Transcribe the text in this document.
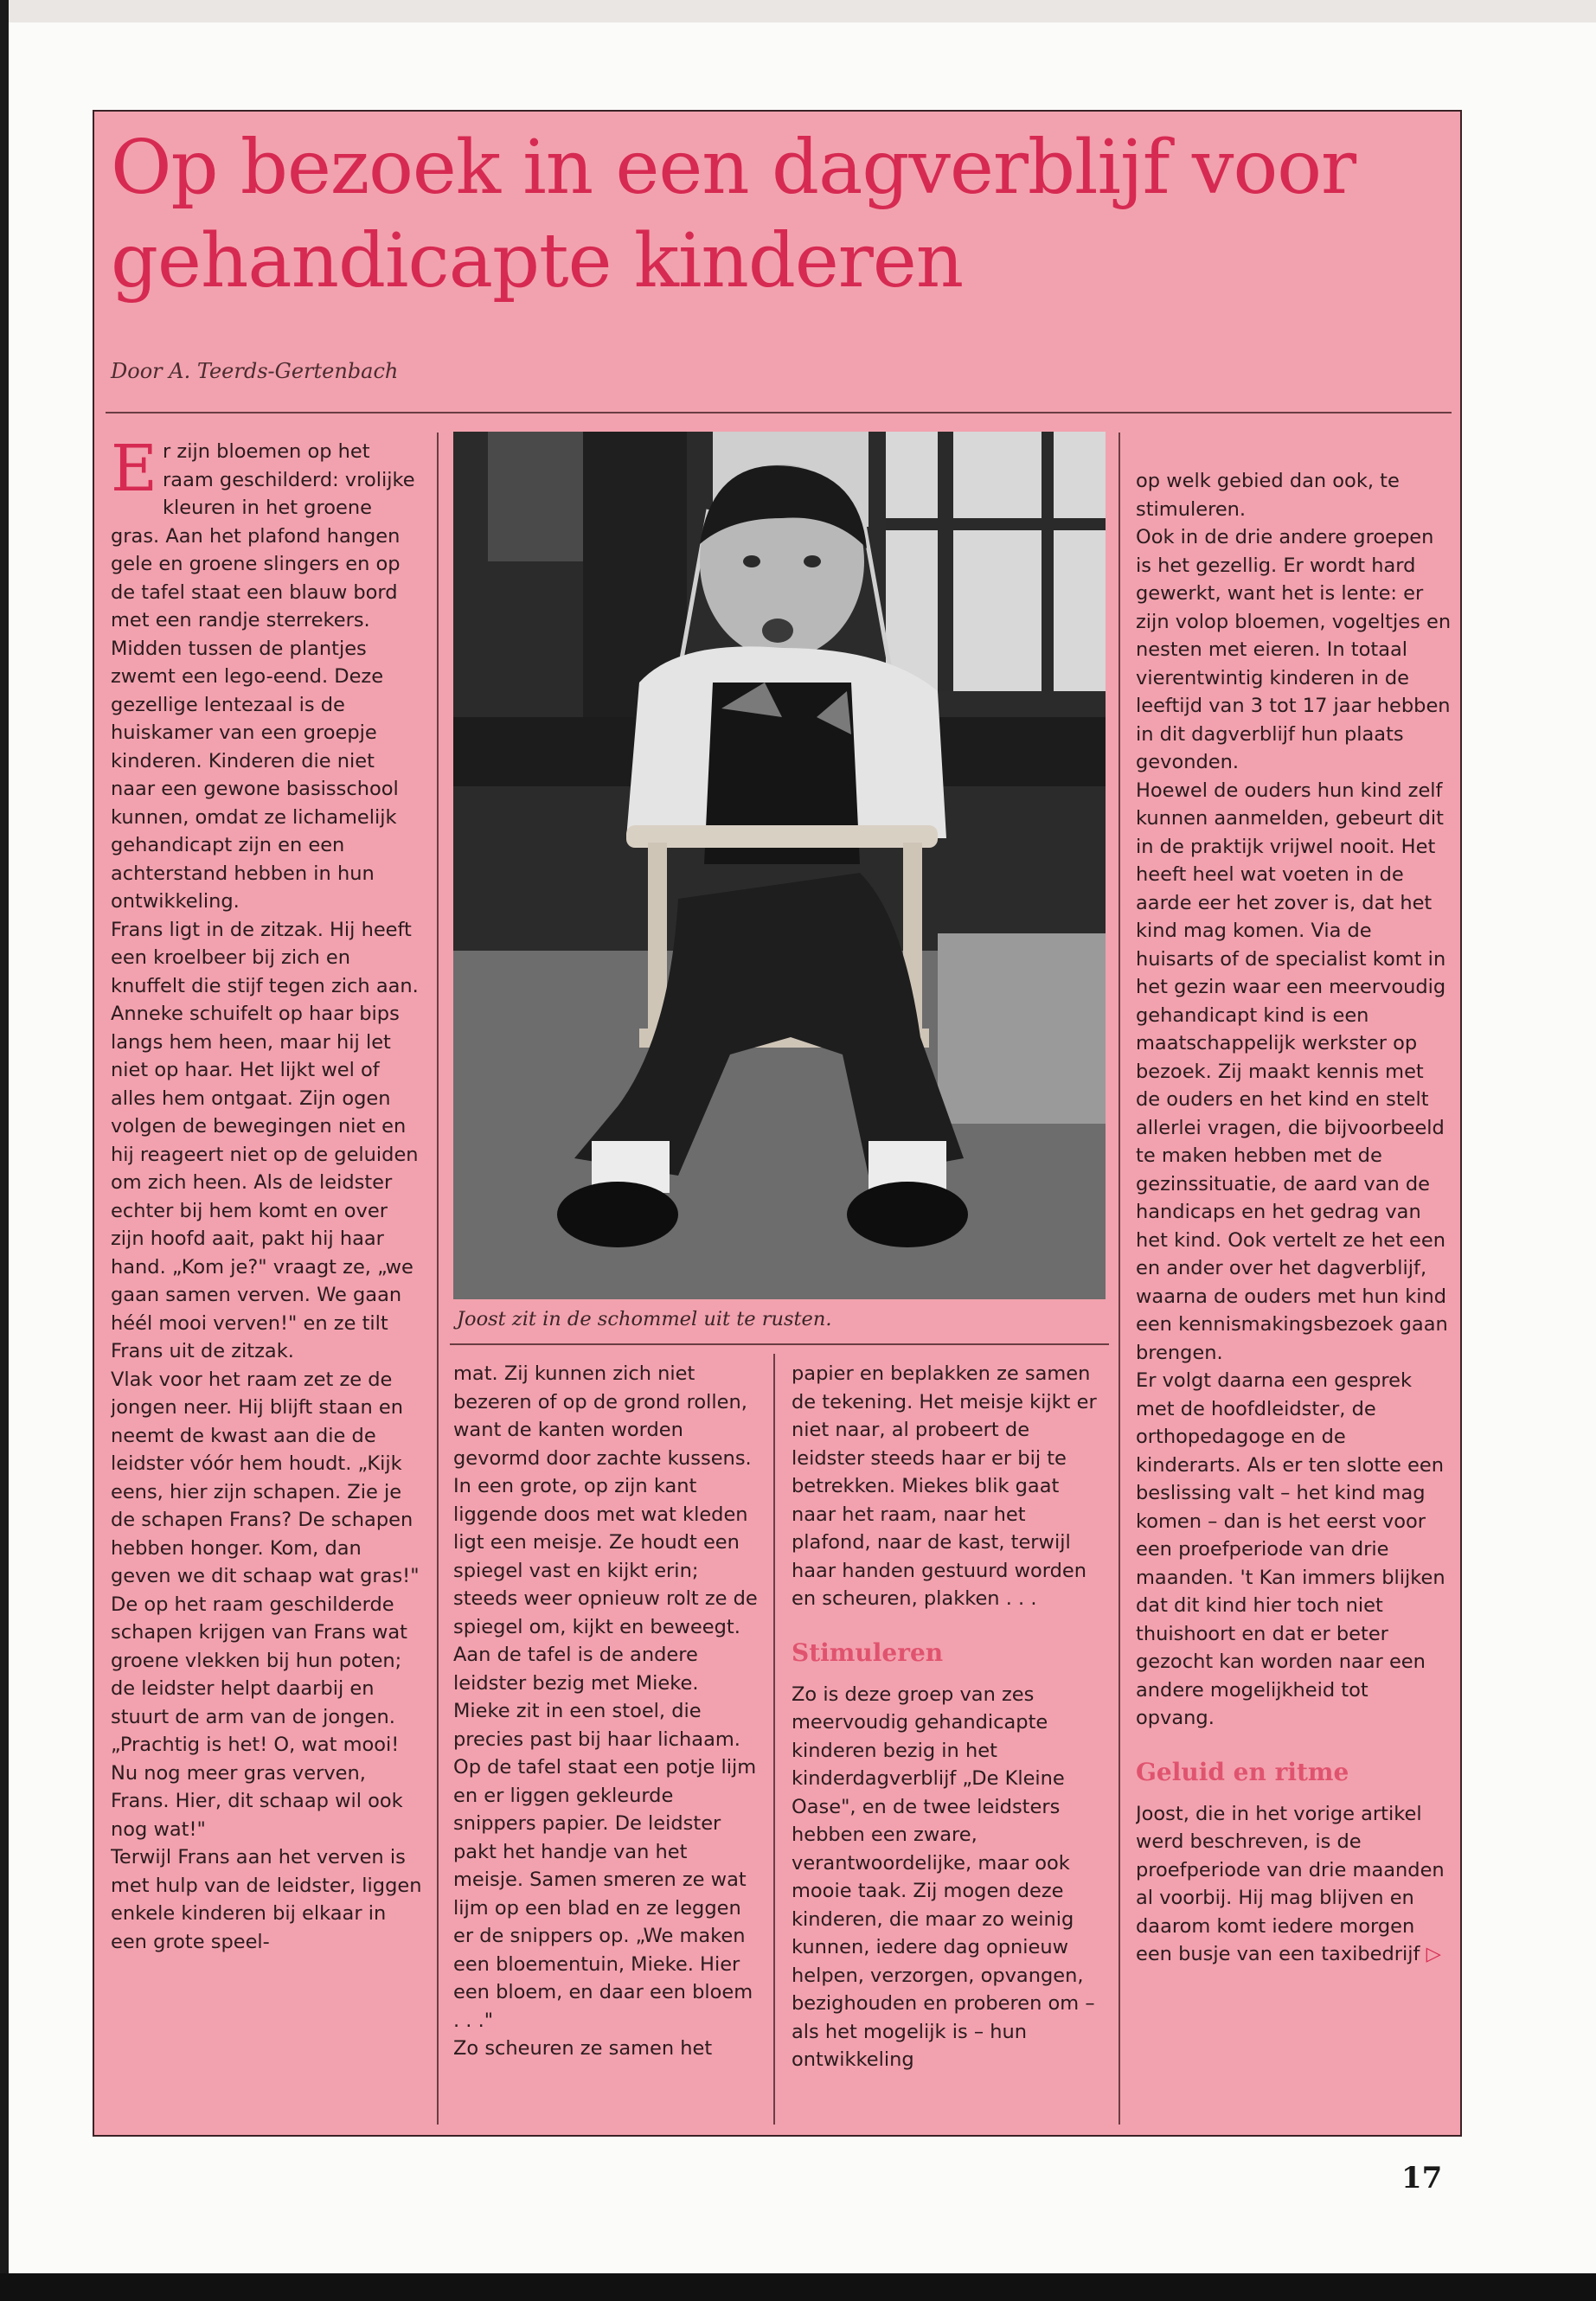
Op bezoek in een dagverblijf voor gehandicapte kinderen
Door A. Teerds-Gertenbach

Er zijn bloemen op het raam geschilderd: vrolijke kleuren in het groene gras. Aan het plafond hangen gele en groene slingers en op de tafel staat een blauw bord met een randje sterrekers. Midden tussen de plantjes zwemt een lego-eend. Deze gezellige lentezaal is de huiskamer van een groepje kinderen. Kinderen die niet naar een gewone basisschool kunnen, omdat ze lichamelijk gehandicapt zijn en een achterstand hebben in hun ontwikkeling.

Frans ligt in de zitzak. Hij heeft een kroelbeer bij zich en knuffelt die stijf tegen zich aan. Anneke schuifelt op haar bips langs hem heen, maar hij let niet op haar. Het lijkt wel of alles hem ontgaat. Zijn ogen volgen de bewegingen niet en hij reageert niet op de geluiden om zich heen. Als de leidster echter bij hem komt en over zijn hoofd aait, pakt hij haar hand. „Kom je?" vraagt ze, „we gaan samen verven. We gaan héél mooi verven!" en ze tilt Frans uit de zitzak.

Vlak voor het raam zet ze de jongen neer. Hij blijft staan en neemt de kwast aan die de leidster vóór hem houdt. „Kijk eens, hier zijn schapen. Zie je de schapen Frans? De schapen hebben honger. Kom, dan geven we dit schaap wat gras!" De op het raam geschilderde schapen krijgen van Frans wat groene vlekken bij hun poten; de leidster helpt daarbij en stuurt de arm van de jongen. „Prachtig is het! O, wat mooi! Nu nog meer gras verven, Frans. Hier, dit schaap wil ook nog wat!"

Terwijl Frans aan het verven is met hulp van de leidster, liggen enkele kinderen bij elkaar in een grote speel-

Joost zit in de schommel uit te rusten.

mat. Zij kunnen zich niet bezeren of op de grond rollen, want de kanten worden gevormd door zachte kussens. In een grote, op zijn kant liggende doos met wat kleden ligt een meisje. Ze houdt een spiegel vast en kijkt erin; steeds weer opnieuw rolt ze de spiegel om, kijkt en beweegt.

Aan de tafel is de andere leidster bezig met Mieke. Mieke zit in een stoel, die precies past bij haar lichaam. Op de tafel staat een potje lijm en er liggen gekleurde snippers papier. De leidster pakt het handje van het meisje. Samen smeren ze wat lijm op een blad en ze leggen er de snippers op. „We maken een bloementuin, Mieke. Hier een bloem, en daar een bloem . . ."

Zo scheuren ze samen het

papier en beplakken ze samen de tekening. Het meisje kijkt er niet naar, al probeert de leidster steeds haar er bij te betrekken. Miekes blik gaat naar het raam, naar het plafond, naar de kast, terwijl haar handen gestuurd worden en scheuren, plakken . . .

Stimuleren

Zo is deze groep van zes meervoudig gehandicapte kinderen bezig in het kinderdagverblijf „De Kleine Oase", en de twee leidsters hebben een zware, verantwoordelijke, maar ook mooie taak. Zij mogen deze kinderen, die maar zo weinig kunnen, iedere dag opnieuw helpen, verzorgen, opvangen, bezighouden en proberen om – als het mogelijk is – hun ontwikkeling

op welk gebied dan ook, te stimuleren.

Ook in de drie andere groepen is het gezellig. Er wordt hard gewerkt, want het is lente: er zijn volop bloemen, vogeltjes en nesten met eieren. In totaal vierentwintig kinderen in de leeftijd van 3 tot 17 jaar hebben in dit dagverblijf hun plaats gevonden.

Hoewel de ouders hun kind zelf kunnen aanmelden, gebeurt dit in de praktijk vrijwel nooit. Het heeft heel wat voeten in de aarde eer het zover is, dat het kind mag komen. Via de huisarts of de specialist komt in het gezin waar een meervoudig gehandicapt kind is een maatschappelijk werkster op bezoek. Zij maakt kennis met de ouders en het kind en stelt allerlei vragen, die bijvoorbeeld te maken hebben met de gezinssituatie, de aard van de handicaps en het gedrag van het kind. Ook vertelt ze het een en ander over het dagverblijf, waarna de ouders met hun kind een kennismakingsbezoek gaan brengen.

Er volgt daarna een gesprek met de hoofdleidster, de orthopedagoge en de kinderarts. Als er ten slotte een beslissing valt – het kind mag komen – dan is het eerst voor een proefperiode van drie maanden. 't Kan immers blijken dat dit kind hier toch niet thuishoort en dat er beter gezocht kan worden naar een andere mogelijkheid tot opvang.

Geluid en ritme

Joost, die in het vorige artikel werd beschreven, is de proefperiode van drie maanden al voorbij. Hij mag blijven en daarom komt iedere morgen een busje van een taxibedrijf ▷

17
